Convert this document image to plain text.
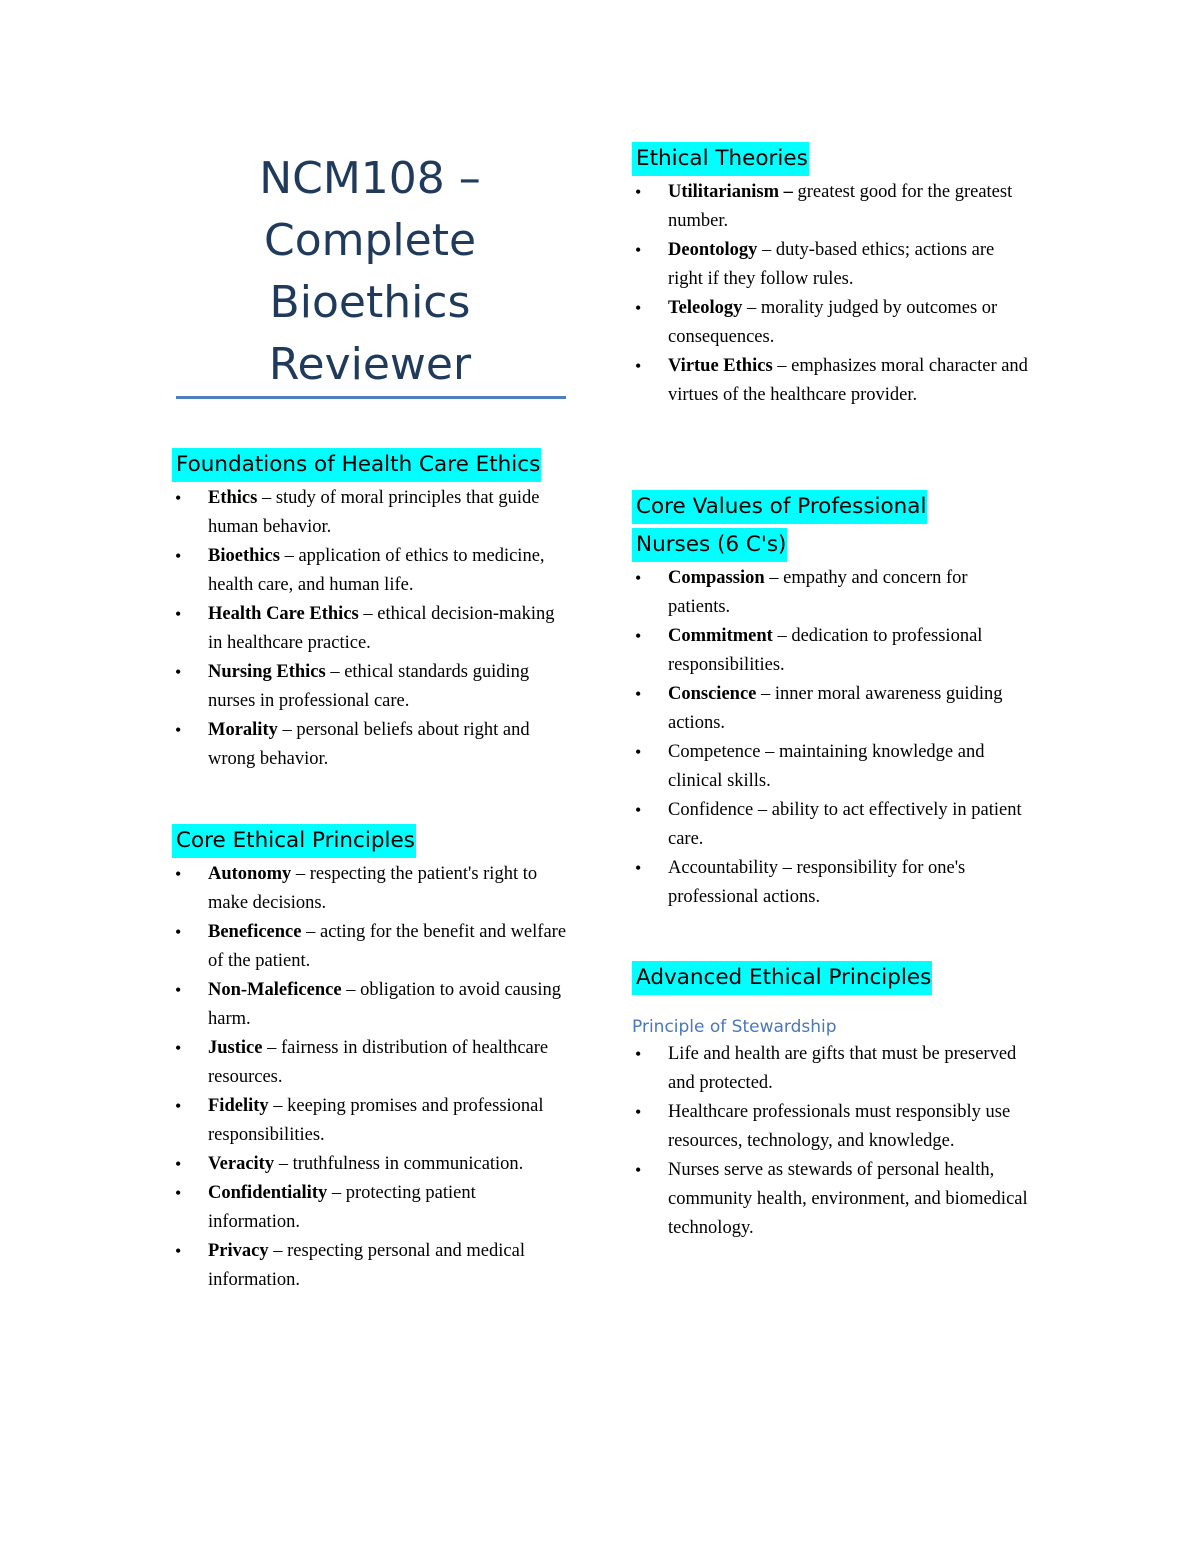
NCM108 – Complete Bioethics Reviewer
Foundations of Health Care Ethics
• Ethics – study of moral principles that guide human behavior.
• Bioethics – application of ethics to medicine, health care, and human life.
• Health Care Ethics – ethical decision-making in healthcare practice.
• Nursing Ethics – ethical standards guiding nurses in professional care.
• Morality – personal beliefs about right and wrong behavior.
Core Ethical Principles
• Autonomy – respecting the patient's right to make decisions.
• Beneficence – acting for the benefit and welfare of the patient.
• Non-Maleficence – obligation to avoid causing harm.
• Justice – fairness in distribution of healthcare resources.
• Fidelity – keeping promises and professional responsibilities.
• Veracity – truthfulness in communication.
• Confidentiality – protecting patient information.
• Privacy – respecting personal and medical information.
Ethical Theories
• Utilitarianism – greatest good for the greatest number.
• Deontology – duty-based ethics; actions are right if they follow rules.
• Teleology – morality judged by outcomes or consequences.
• Virtue Ethics – emphasizes moral character and virtues of the healthcare provider.
Core Values of Professional Nurses (6 C's)
• Compassion – empathy and concern for patients.
• Commitment – dedication to professional responsibilities.
• Conscience – inner moral awareness guiding actions.
• Competence – maintaining knowledge and clinical skills.
• Confidence – ability to act effectively in patient care.
• Accountability – responsibility for one's professional actions.
Advanced Ethical Principles
Principle of Stewardship
• Life and health are gifts that must be preserved and protected.
• Healthcare professionals must responsibly use resources, technology, and knowledge.
• Nurses serve as stewards of personal health, community health, environment, and biomedical technology.
